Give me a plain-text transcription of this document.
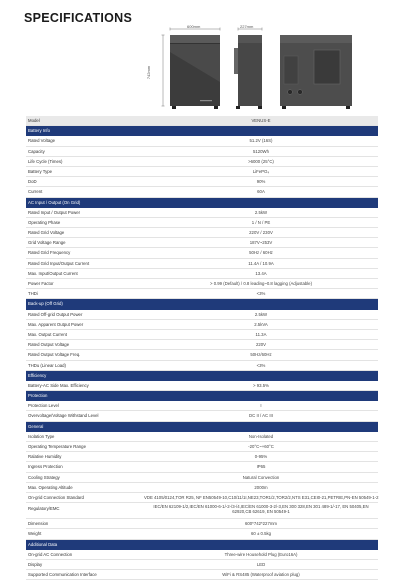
SPECIFICATIONS
600mm	227mm
742mm
Model	VENUS-E
Battery Info
Rated Voltage	51.2V (16S)
Capacity	5120Wh
Life Cycle (Times)	>6000 (25°C)
Battery Type	LiFePO₄
DoD	90%
Current	60A
AC Input / Output (On Grid)
Rated Input / Output Power	2.5kW
Operating Phase	1 / N / PE
Rated Grid Voltage	220V / 230V
Grid Voltage Range	187V~253V
Rated Grid Frequency	50Hz / 60Hz
Rated Grid Input/Output Current	11.4A / 10.9A
Max. Input/Output Current	13.4A
Power Factor	> 0.99 (Default) / 0.8 leading~0.8 lagging (Adjustable)
THDi	<3%
Back-up (Off Grid)
Rated Off-grid Output Power	2.5kW
Max. Apparent Output Power	2.5kVA
Max. Output Current	11.3A
Rated Output Voltage	220V
Rated Output Voltage Freq.	50Hz/60Hz
THDu (Linear Load)	<3%
Efficiency
Battery-AC Side Max. Efficiency	> 93.5%
Protection
Protection Level	I
Overvoltage/Voltage Withstand Level	DC II / AC III
General
Isolation Type	Non-Isolated
Operating Temperature Range	-20°C~+60°C
Ralative Humidity	0-95%
Ingress Protection	IP65
Cooling Strategy	Natural Convection
Max. Operating Altitude	2000m
On-grid Connection Standard	VDE 4105/0124,TOR R25, NF EN50549-10,C10/11/1I,NE23,TOR1/2,TOR2/2,NTS E31,CEI0-21,PETRIE,PN-EN 50549-1-2
Regulatory/EMC	IEC/EN 62109-1/2,IEC/EN 61000-6-1/-2-/3-/4,IEC/EN 61000-3-2/-3,EN 300 328,EN 301 489-1/-17, EN 50405,EN 62920,CB 62619, EN 50549-1
Dimension	600*742*227mm
Weight	60 ± 0.5kg
Additional Data
On-grid AC Connection	Three-wire Household Plug (Euro16A)
Display	LED
Supported Communication Interface	WiFi & RS485 (Waterproof aviation plug)
